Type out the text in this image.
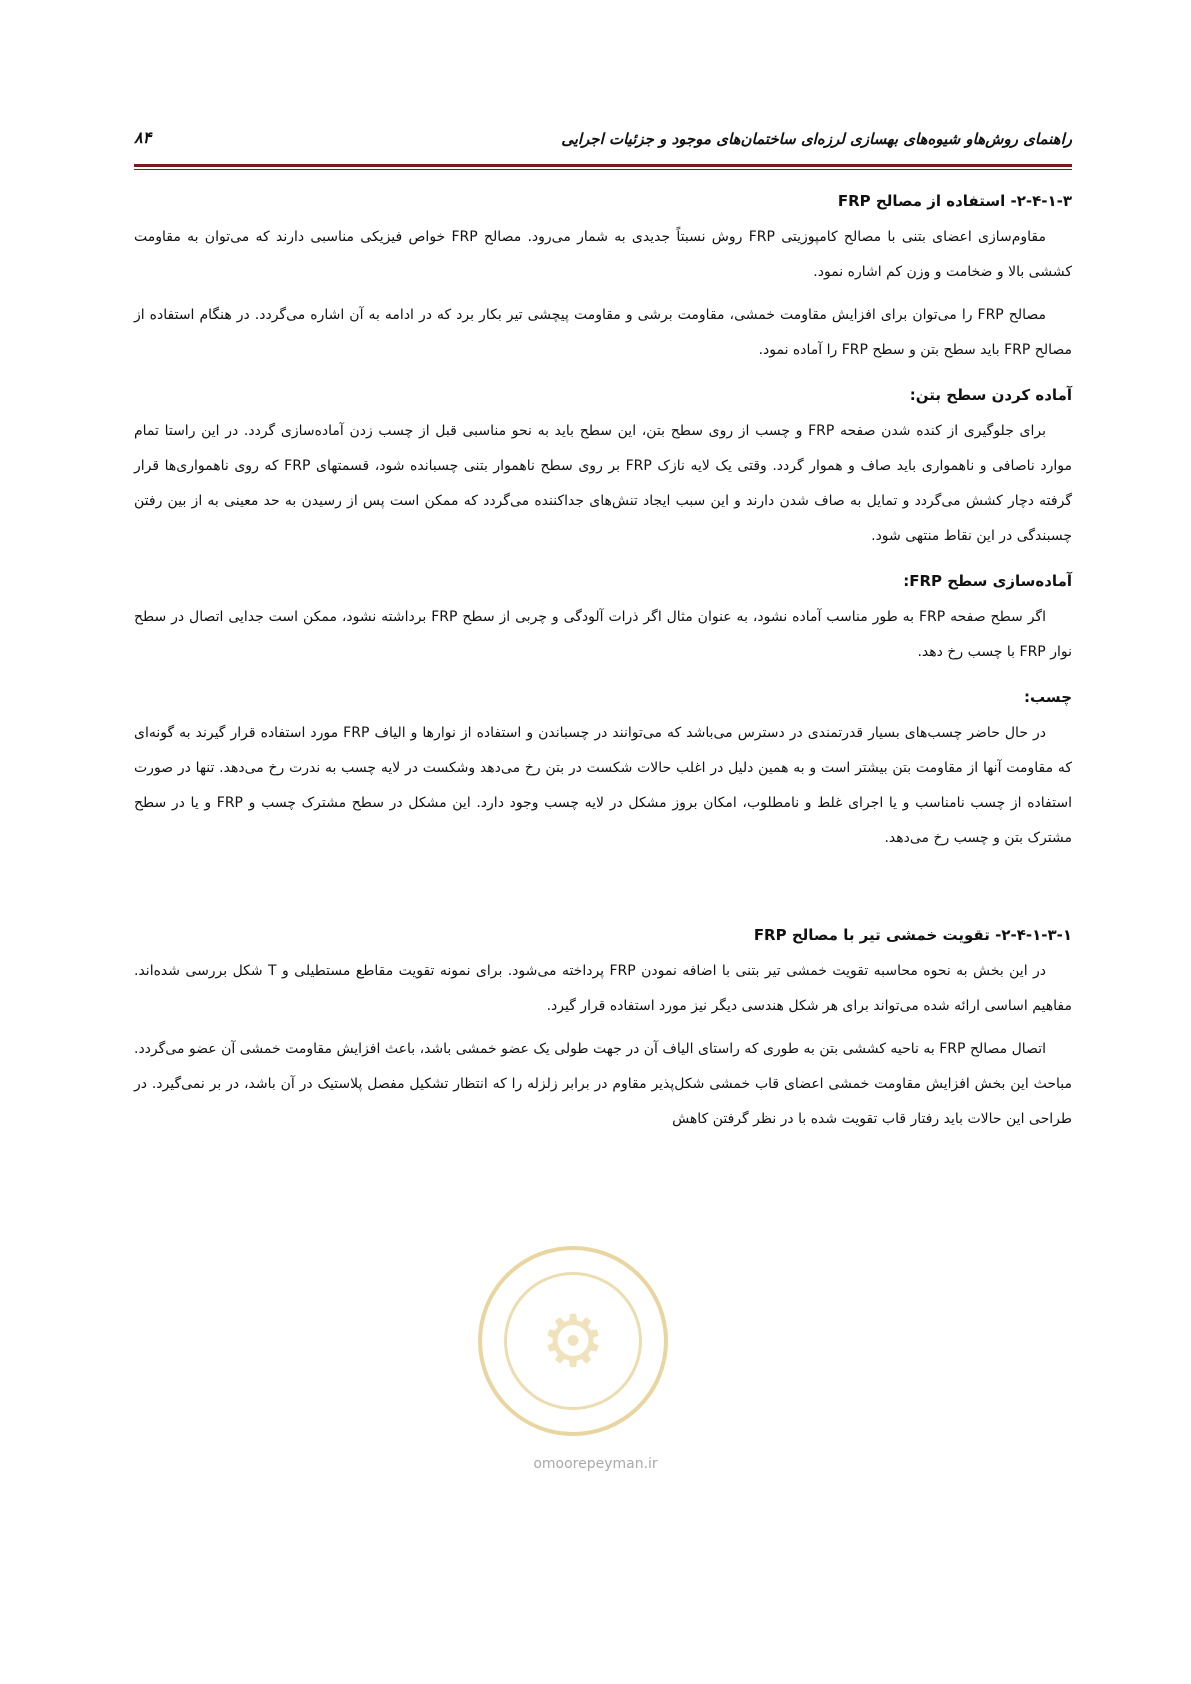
راهنمای روش‌هاو شیوه‌های بهسازی لرزه‌ای ساختمان‌های موجود و جزئیات اجرایی
۸۴
۲-۴-۱-۳- استفاده از مصالح FRP

مقاوم‌سازی اعضای بتنی با مصالح کامپوزیتی FRP روش نسبتاً جدیدی به شمار می‌رود. مصالح FRP خواص فیزیکی مناسبی دارند که می‌توان به مقاومت کششی بالا و ضخامت و وزن کم اشاره نمود.

مصالح FRP را می‌توان برای افزایش مقاومت خمشی، مقاومت برشی و مقاومت پیچشی تیر بکار برد که در ادامه به آن اشاره می‌گردد. در هنگام استفاده از مصالح FRP باید سطح بتن و سطح FRP را آماده نمود.

آماده کردن سطح بتن:

برای جلوگیری از کنده شدن صفحه FRP و چسب از روی سطح بتن، این سطح باید به نحو مناسبی قبل از چسب زدن آماده‌سازی گردد. در این راستا تمام موارد ناصافی و ناهمواری باید صاف و هموار گردد. وقتی یک لایه نازک FRP بر روی سطح ناهموار بتنی چسبانده شود، قسمتهای FRP که روی ناهمواری‌ها قرار گرفته دچار کشش می‌گردد و تمایل به صاف شدن دارند و این سبب ایجاد تنش‌های جداکننده می‌گردد که ممکن است پس از رسیدن به حد معینی به از بین رفتن چسبندگی در این نقاط منتهی شود.

آماده‌سازی سطح FRP:

اگر سطح صفحه FRP به طور مناسب آماده نشود، به عنوان مثال اگر ذرات آلودگی و چربی از سطح FRP برداشته نشود، ممکن است جدایی اتصال در سطح نوار FRP با چسب رخ دهد.

چسب:

در حال حاضر چسب‌های بسیار قدرتمندی در دسترس می‌باشد که می‌توانند در چسباندن و استفاده از نوارها و الیاف FRP مورد استفاده قرار گیرند به گونه‌ای که مقاومت آنها از مقاومت بتن بیشتر است و به همین دلیل در اغلب حالات شکست در بتن رخ می‌دهد وشکست در لایه چسب به ندرت رخ می‌دهد. تنها در صورت استفاده از چسب نامناسب و یا اجرای غلط و نامطلوب، امکان بروز مشکل در لایه چسب وجود دارد. این مشکل در سطح مشترک چسب و FRP و یا در سطح مشترک بتن و چسب رخ می‌دهد.

۲-۴-۱-۳-۱- تقویت خمشی تیر با مصالح FRP

در این بخش به نحوه محاسبه تقویت خمشی تیر بتنی با اضافه نمودن FRP پرداخته می‌شود. برای نمونه تقویت مقاطع مستطیلی و T شکل بررسی شده‌اند. مفاهیم اساسی ارائه شده می‌تواند برای هر شکل هندسی دیگر نیز مورد استفاده قرار گیرد.

اتصال مصالح FRP به ناحیه کششی بتن به طوری که راستای الیاف آن در جهت طولی یک عضو خمشی باشد، باعث افزایش مقاومت خمشی آن عضو می‌گردد. مباحث این بخش افزایش مقاومت خمشی اعضای قاب خمشی شکل‌پذیر مقاوم در برابر زلزله را که انتظار تشکیل مفصل پلاستیک در آن باشد، در بر نمی‌گیرد. در طراحی این حالات باید رفتار قاب تقویت شده با در نظر گرفتن کاهش

⚙
omoorepeyman.ir
